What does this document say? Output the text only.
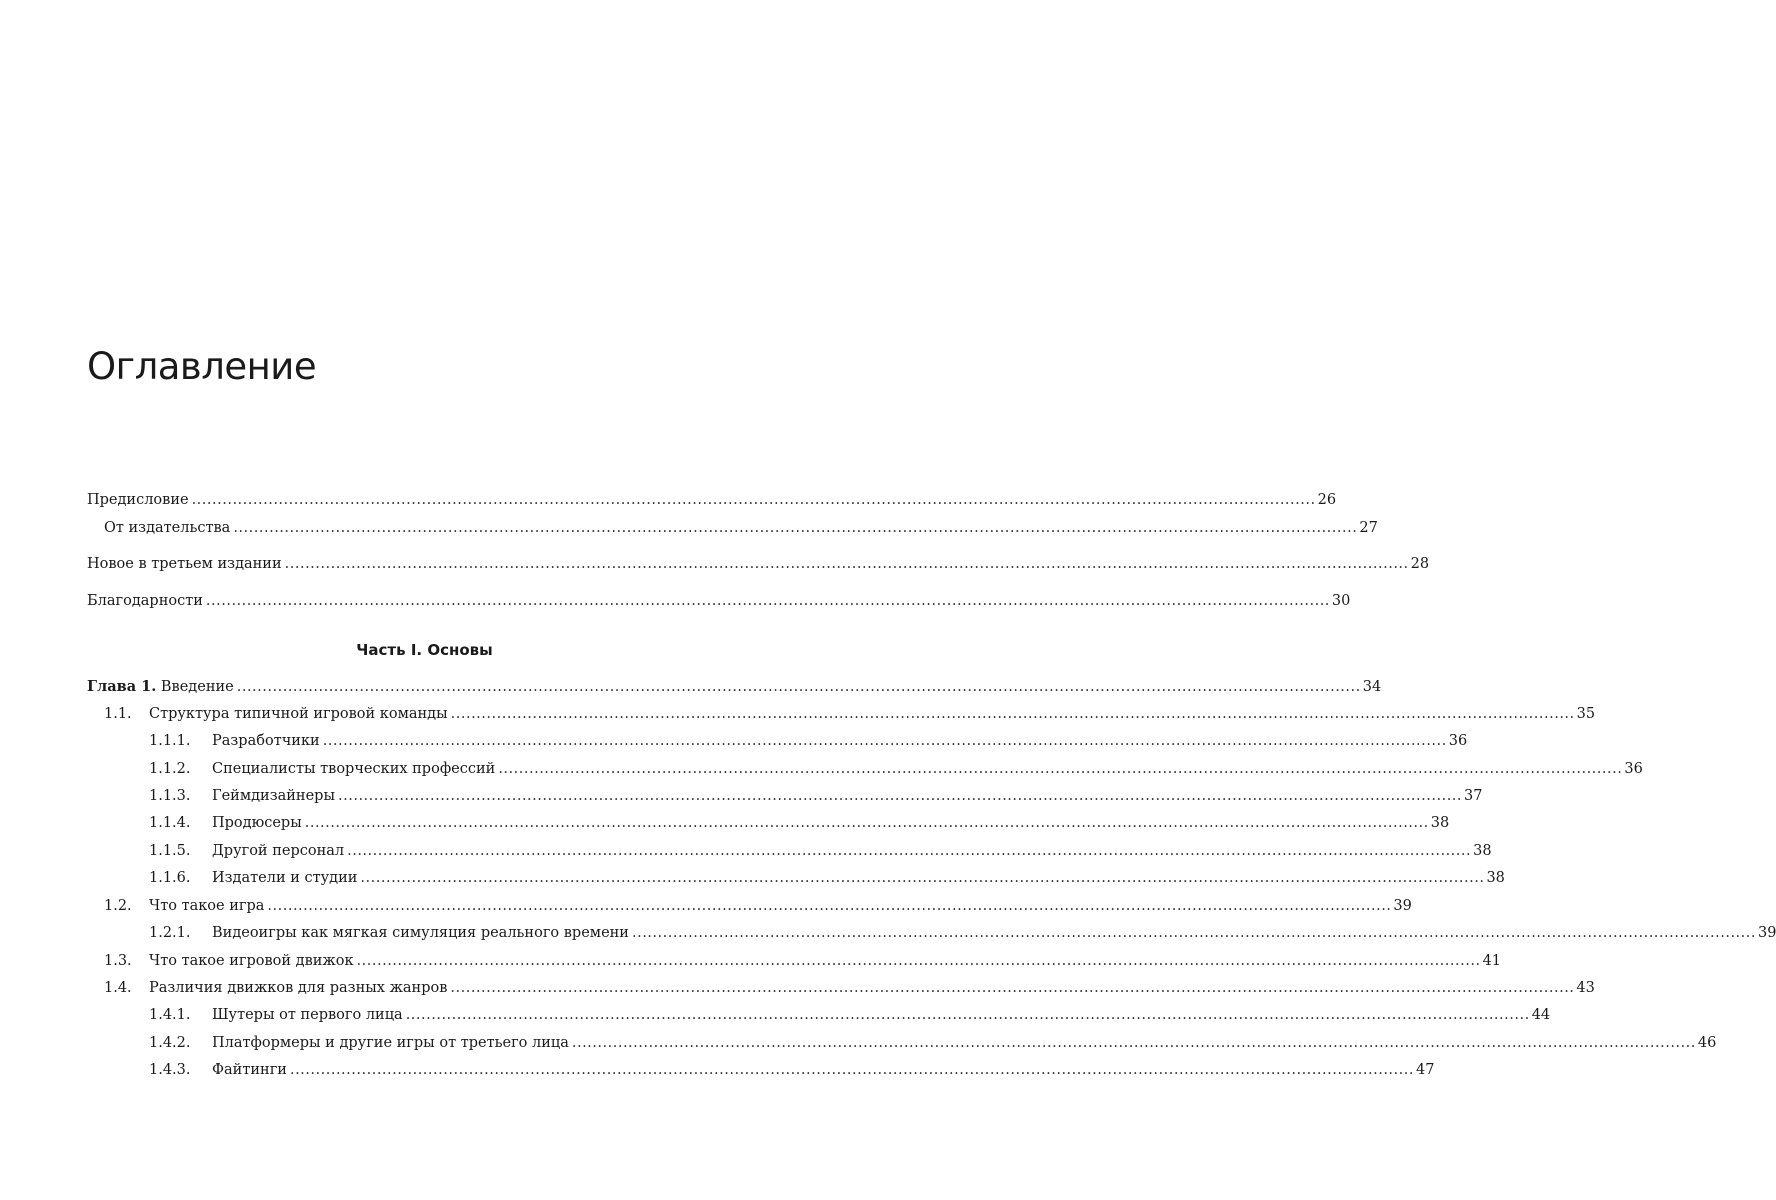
Оглавление
Предисловие ............................................................................................................................................................................................................................ 26
От издательства ............................................................................................................................................................................................................................ 27
Новое в третьем издании ............................................................................................................................................................................................................................ 28
Благодарности ............................................................................................................................................................................................................................ 30
Часть I. Основы
Глава 1. Введение ............................................................................................................................................................................................................................ 34
1.1. Структура типичной игровой команды ............................................................................................................................................................................................................................ 35
1.1.1. Разработчики ............................................................................................................................................................................................................................ 36
1.1.2. Специалисты творческих профессий ............................................................................................................................................................................................................................ 36
1.1.3. Геймдизайнеры ............................................................................................................................................................................................................................ 37
1.1.4. Продюсеры ............................................................................................................................................................................................................................ 38
1.1.5. Другой персонал ............................................................................................................................................................................................................................ 38
1.1.6. Издатели и студии ............................................................................................................................................................................................................................ 38
1.2. Что такое игра ............................................................................................................................................................................................................................ 39
1.2.1. Видеоигры как мягкая симуляция реального времени ............................................................................................................................................................................................................................ 39
1.3. Что такое игровой движок ............................................................................................................................................................................................................................ 41
1.4. Различия движков для разных жанров ............................................................................................................................................................................................................................ 43
1.4.1. Шутеры от первого лица ............................................................................................................................................................................................................................ 44
1.4.2. Платформеры и другие игры от третьего лица ............................................................................................................................................................................................................................ 46
1.4.3. Файтинги ............................................................................................................................................................................................................................ 47
